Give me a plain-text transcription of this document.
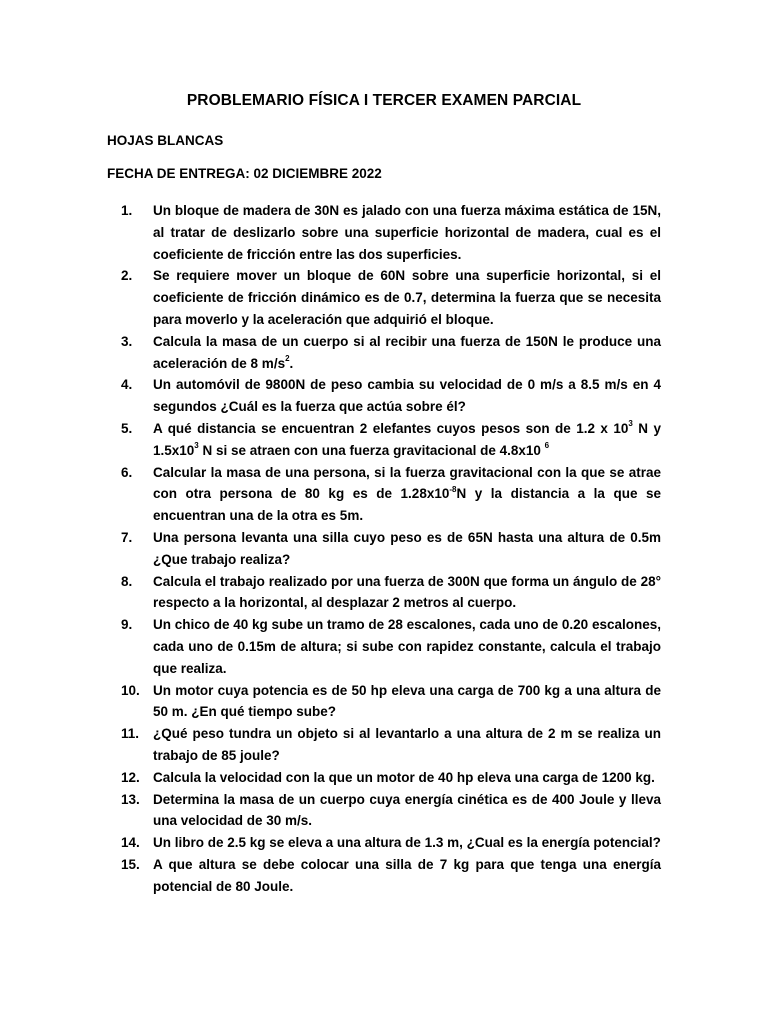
PROBLEMARIO FÍSICA I TERCER EXAMEN PARCIAL
HOJAS BLANCAS
FECHA DE ENTREGA: 02 DICIEMBRE 2022
1.	Un bloque de madera de 30N es jalado con una fuerza máxima estática de 15N, al tratar de deslizarlo sobre una superficie horizontal de madera, cual es el coeficiente de fricción entre las dos superficies.
2.	Se requiere mover un bloque de 60N sobre una superficie horizontal, si el coeficiente de fricción dinámico es de 0.7, determina la fuerza que se necesita para moverlo y la aceleración que adquirió el bloque.
3.	Calcula la masa de un cuerpo si al recibir una fuerza de 150N le produce una aceleración de 8 $m/s^2$.
4.	Un automóvil de 9800N de peso cambia su velocidad de 0 m/s a 8.5 m/s en 4 segundos ¿Cuál es la fuerza que actúa sobre él?
5.	A qué distancia se encuentran 2 elefantes cuyos pesos son de 1.2 x $10^3$ N y $1.5x10^3$ N si se atraen con una fuerza gravitacional de 4.8x10 $^6$
6.	Calcular la masa de una persona, si la fuerza gravitacional con la que se atrae con otra persona de 80 kg es de $1.28x10^{-8}N$ y la distancia a la que se encuentran una de la otra es 5m.
7.	Una persona levanta una silla cuyo peso es de 65N hasta una altura de 0.5m ¿Que trabajo realiza?
8.	Calcula el trabajo realizado por una fuerza de 300N que forma un ángulo de 28° respecto a la horizontal, al desplazar 2 metros al cuerpo.
9.	Un chico de 40 kg sube un tramo de 28 escalones, cada uno de 0.20 escalones, cada uno de 0.15m de altura; si sube con rapidez constante, calcula el trabajo que realiza.
10. Un motor cuya potencia es de 50 hp eleva una carga de 700 kg a una altura de 50 m. ¿En qué tiempo sube?
11.	¿Qué peso tundra un objeto si al levantarlo a una altura de 2 m se realiza un trabajo de 85 joule?
12. Calcula la velocidad con la que un motor de 40 hp eleva una carga de 1200 kg.
13. Determina la masa de un cuerpo cuya energía cinética es de 400 Joule y lleva una velocidad de 30 m/s.
14. Un libro de 2.5 kg se eleva a una altura de 1.3 m, ¿Cual es la energía potencial?
15. A que altura se debe colocar una silla de 7 kg para que tenga una energía potencial de 80 Joule.
